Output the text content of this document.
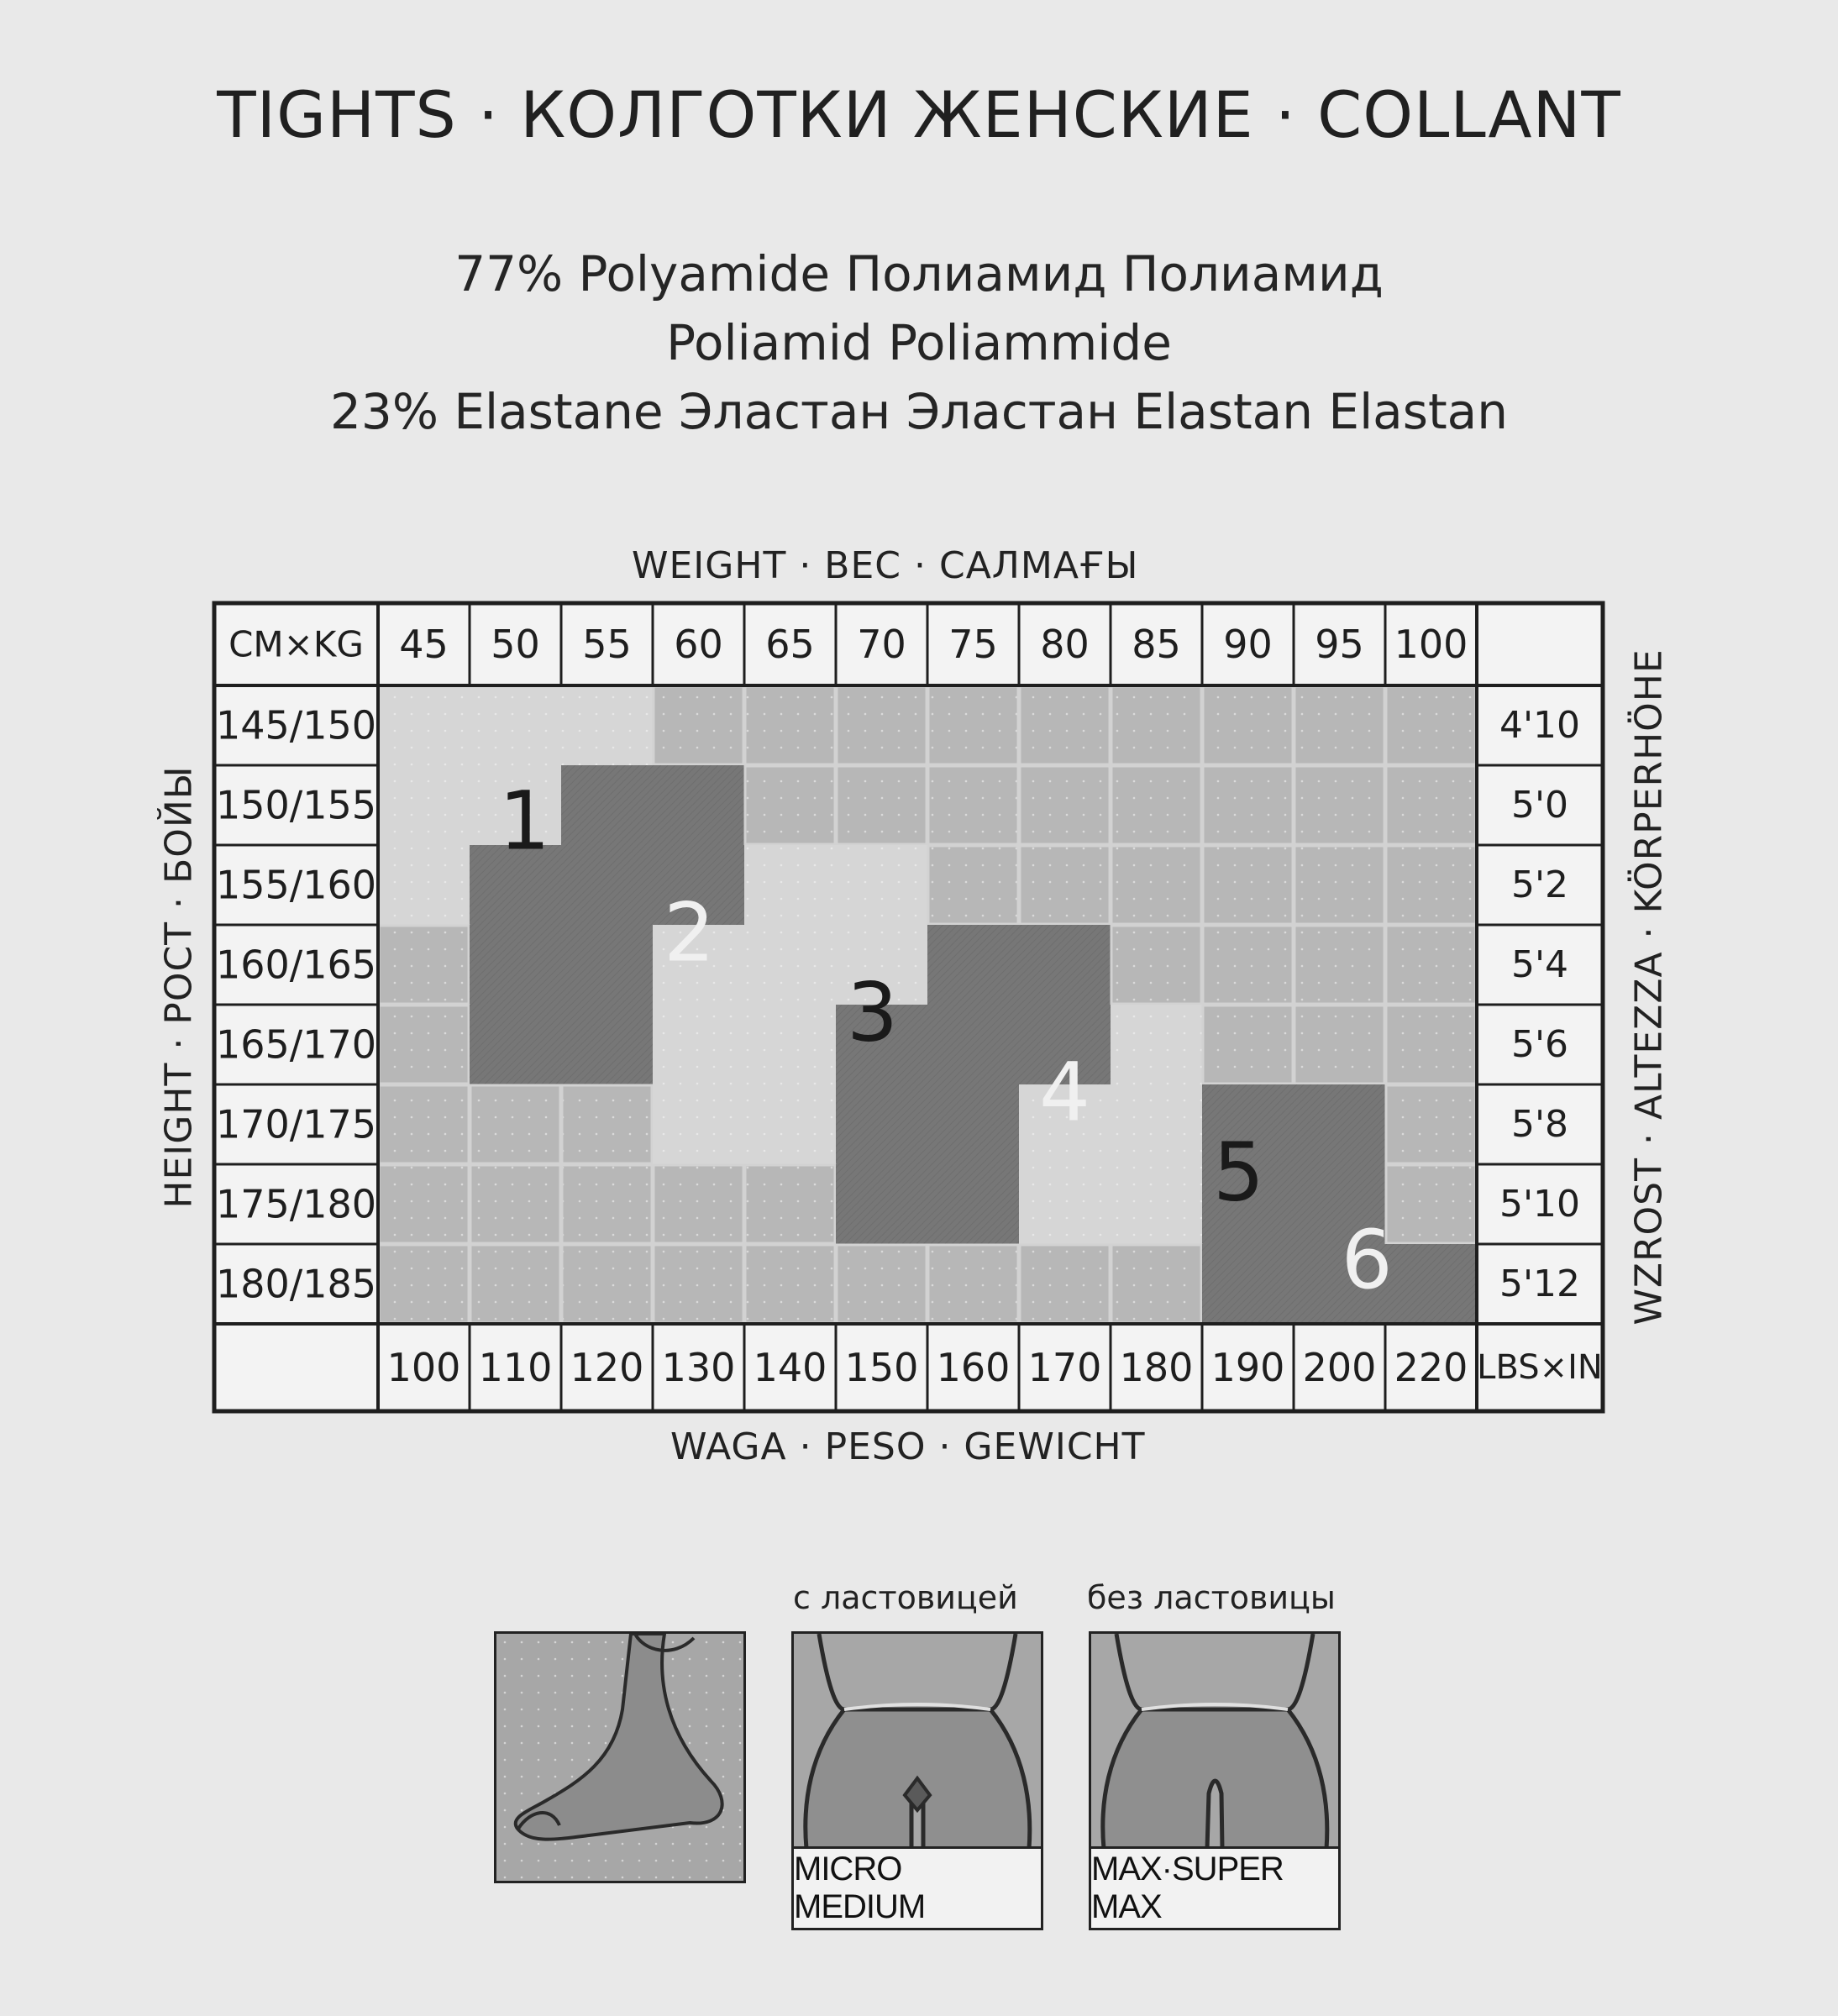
TIGHTS · КОЛГОТКИ ЖЕНСКИЕ · COLLANT
77% Polyamide Полиамид Полиамид
Poliamid Poliammide
23% Elastane Эластан Эластан Elastan Elastan
WEIGHT · ВЕС · САЛМАҒЫ
WAGA · PESO · GEWICHT
HEIGHT · РОСТ · БОЙЫ	WZROST · ALTEZZA · KÖRPERHÖHE
CM×KG
LBS×IN
45 50 55 60 65 70 75 80 85 90 95 100
100 110 120 130 140 150 160 170 180 190 200 220
145/150
150/155
155/160
160/165
165/170
170/175
175/180
180/185
4'10
5'0
5'2
5'4
5'6
5'8
5'10
5'12
1
2
3
4
5
6
с ластовицей без ластовицы
MICRO MEDIUM
MAX·SUPER MAX
